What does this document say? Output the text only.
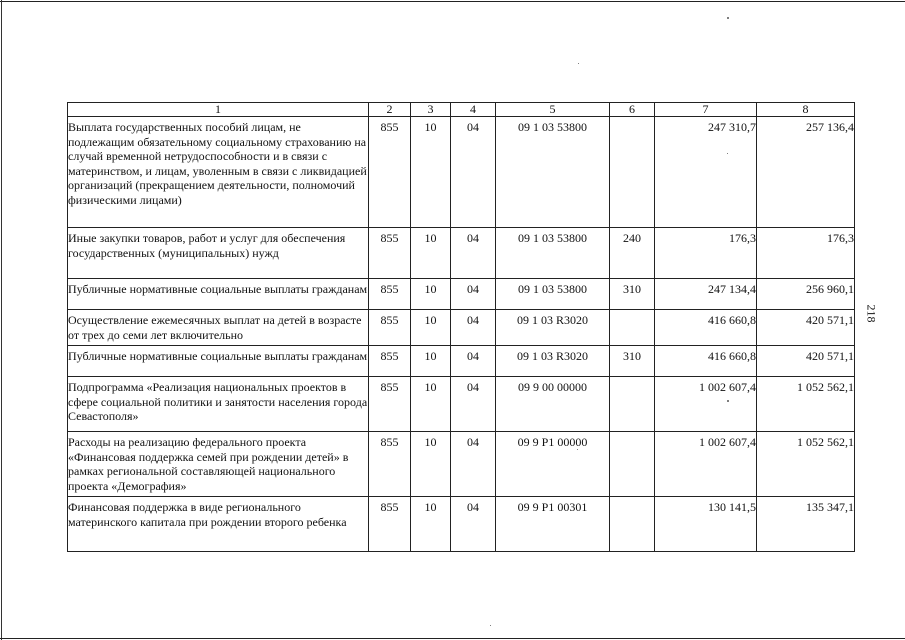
218
1	2	3	4	5	6	7	8
Выплата государственных пособий лицам, не подлежащим обязательному социальному страхованию на случай временной нетрудоспособности и в связи с материнством, и лицам, уволенным в связи с ликвидацией организаций (прекращением деятельности, полномочий физическими лицами)	855	10	04	09 1 03 53800		247 310,7	257 136,4
Иные закупки товаров, работ и услуг для обеспечения государственных (муниципальных) нужд	855	10	04	09 1 03 53800	240	176,3	176,3
Публичные нормативные социальные выплаты гражданам	855	10	04	09 1 03 53800	310	247 134,4	256 960,1
Осуществление ежемесячных выплат на детей в возрасте от трех до семи лет включительно	855	10	04	09 1 03 R3020		416 660,8	420 571,1
Публичные нормативные социальные выплаты гражданам	855	10	04	09 1 03 R3020	310	416 660,8	420 571,1
Подпрограмма «Реализация национальных проектов в сфере социальной политики и занятости населения города Севастополя»	855	10	04	09 9 00 00000		1 002 607,4	1 052 562,1
Расходы на реализацию федерального проекта «Финансовая поддержка семей при рождении детей» в рамках региональной составляющей национального проекта «Демография»	855	10	04	09 9 P1 00000		1 002 607,4	1 052 562,1
Финансовая поддержка в виде регионального материнского капитала при рождении второго ребенка	855	10	04	09 9 P1 00301		130 141,5	135 347,1
